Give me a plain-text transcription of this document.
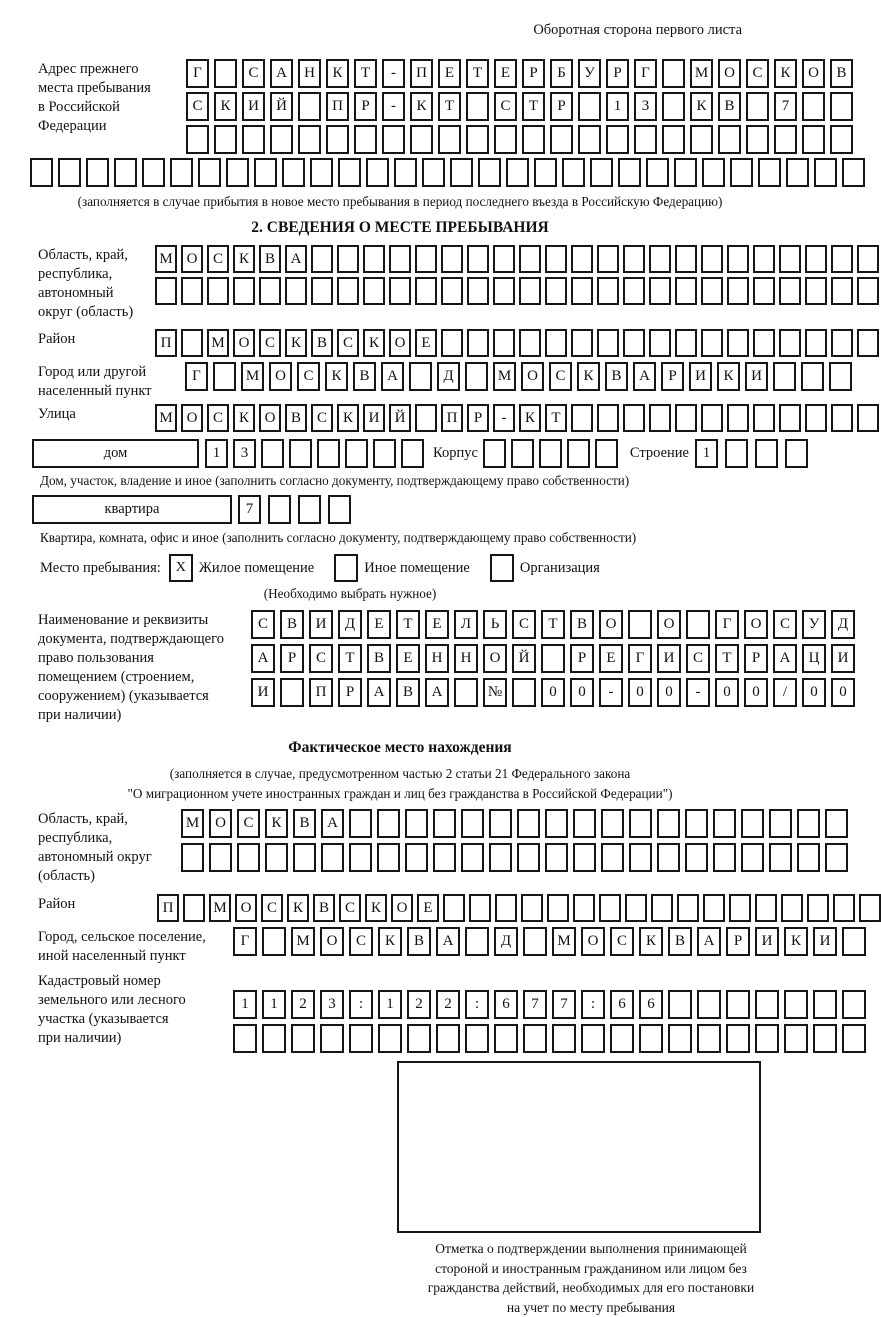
Оборотная сторона первого листа
Адрес прежнего
места пребывания
в Российской
Федерации
Г	С	А	Н	К	Т	-	П	Е	Т	Е	Р	Б	У	Р	Г	М	О	С	К	О	В
С	К	И	Й	П	Р	-	К	Т	С	Т	Р	1	3	К	В	7
(заполняется в случае прибытия в новое место пребывания в период последнего въезда в Российскую Федерацию)
2. СВЕДЕНИЯ О МЕСТЕ ПРЕБЫВАНИЯ
Область, край,
республика,
автономный
округ (область)
М О	С	К	В	А
Район	П	М О	С	К	В	С	К	О	Е
Город или другой
населенный пункт
Г	М	О	С	К	В	А	Д	М	О	С	К	В	А	Р	И	К	И
Улица	М О	С	К	О	В	С	К	И	Й	П	Р	-	К	Т
дом	1	3	Корпус	Строение 1
Дом, участок, владение и иное (заполнить согласно документу, подтверждающему право собственности)
квартира	7
Квартира, комната, офис и иное (заполнить согласно документу, подтверждающему право собственности)
Место пребывания:	X Жилое помещение	Иное помещение	Организация
(Необходимо выбрать нужное)
Наименование и реквизиты
документа, подтверждающего
право пользования
помещением (строением,
сооружением) (указывается
при наличии)
С	В	И	Д	Е	Т	Е	Л	Ь	С	Т	В	О	О	Г	О	С	У	Д
А	Р	С	Т	В	Е	Н	Н	О	Й	Р	Е	Г	И	С	Т	Р	А	Ц	И
И	П	Р	А	В	А	№	0	0	-	0	0	-	0	0	/	0	0
Фактическое место нахождения
(заполняется в случае, предусмотренном частью 2 статьи 21 Федерального закона
"О миграционном учете иностранных граждан и лиц без гражданства в Российской Федерации")
Область, край,
республика,
автономный округ
(область)
М	О	С	К	В	А
Район	П	М О	С	К	В	С	К	О	Е
Город, сельское поселение,
иной населенный пункт
Г	М	О	С	К	В	А	Д	М	О	С	К	В	А	Р	И	К	И
Кадастровый номер
земельного или лесного
участка (указывается
при наличии)
1	1	2	3	:	1	2	2	:	6	7	7	:	6	6
Отметка о подтверждении выполнения принимающей
стороной и иностранным гражданином или лицом без
гражданства действий, необходимых для его постановки
на учет по месту пребывания
